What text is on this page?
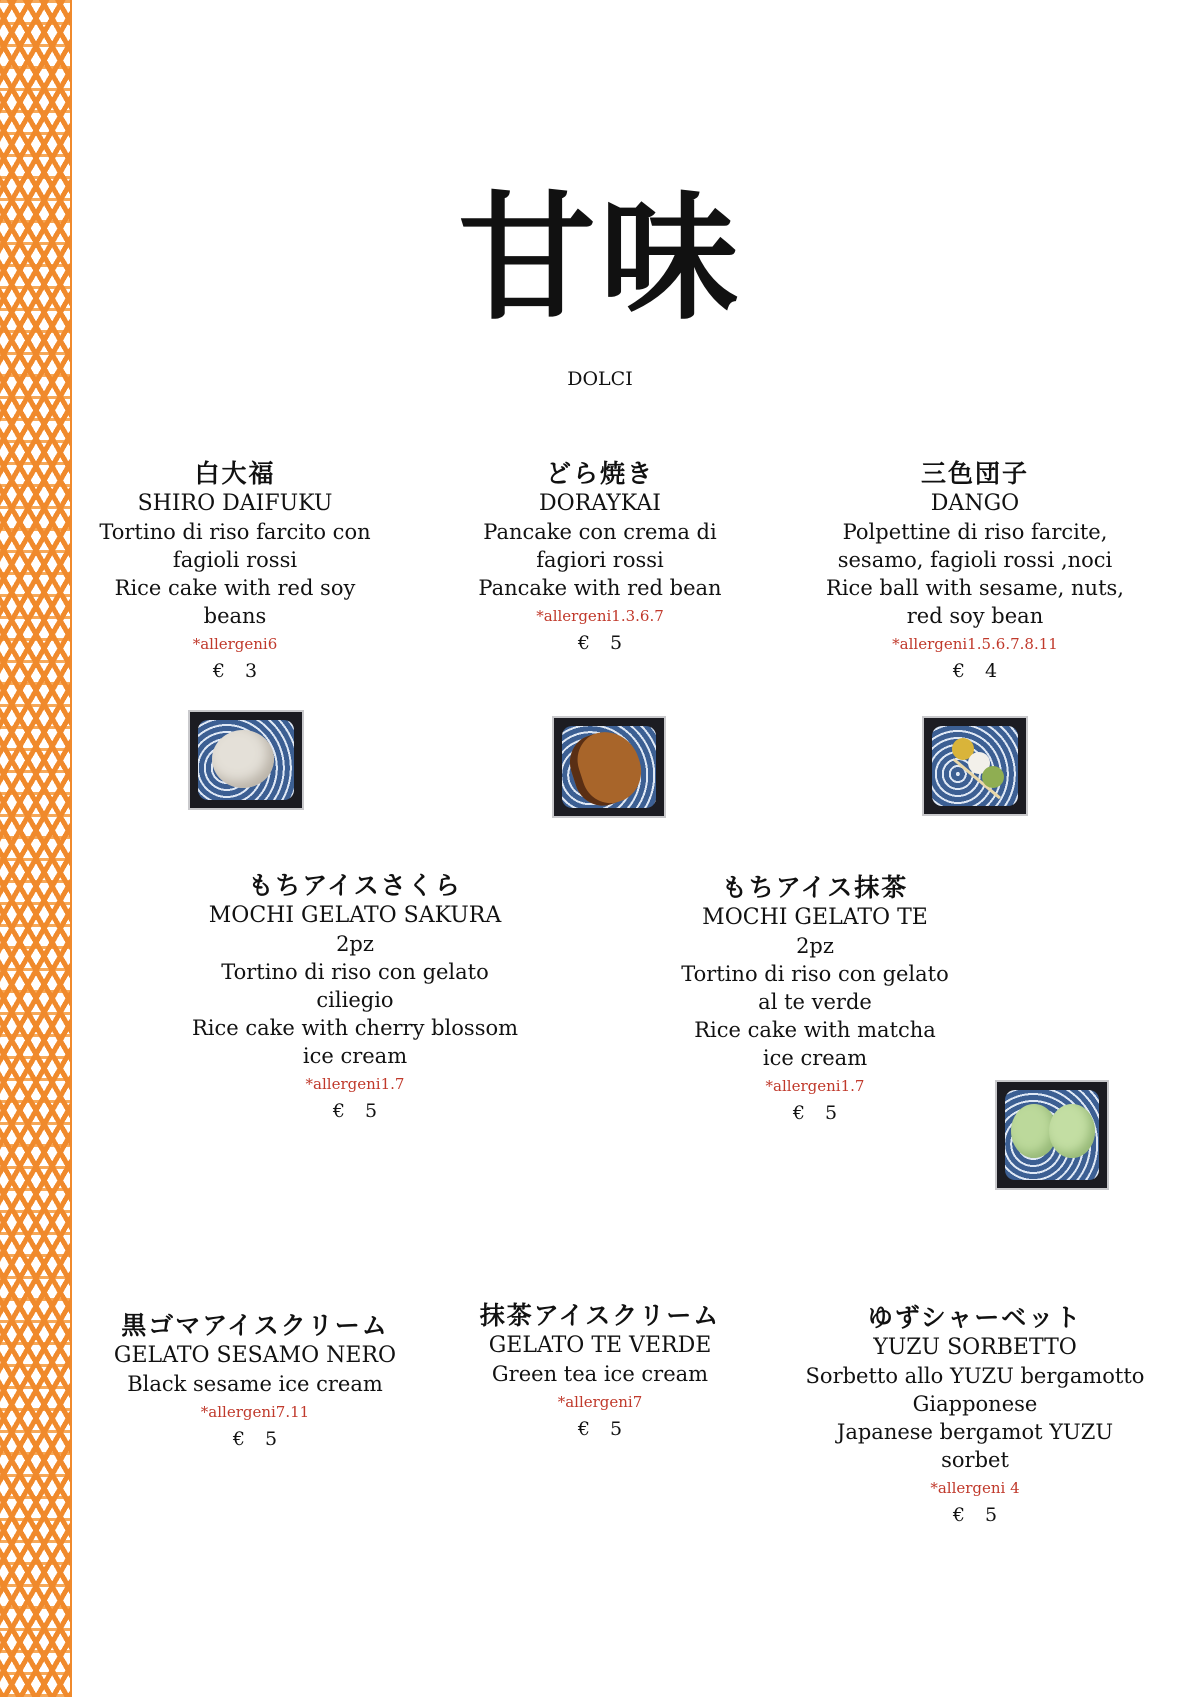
甘味
DOLCI
白大福
SHIRO DAIFUKU
Tortino di riso farcito con
fagioli rossi
Rice cake with red soy
beans
*allergeni6
€ 3
どら焼き
DORAYKAI
Pancake con crema di
fagiori rossi
Pancake with red bean
*allergeni1.3.6.7
€ 5
三色団子
DANGO
Polpettine di riso farcite,
sesamo, fagioli rossi ,noci
Rice ball with sesame, nuts,
red soy bean
*allergeni1.5.6.7.8.11
€ 4
もちアイスさくら
MOCHI GELATO SAKURA
2pz
Tortino di riso con gelato
ciliegio
Rice cake with cherry blossom
ice cream
*allergeni1.7
€ 5
もちアイス抹茶
MOCHI GELATO TE
2pz
Tortino di riso con gelato
al te verde
Rice cake with matcha
ice cream
*allergeni1.7
€ 5
黒ゴマアイスクリーム
GELATO SESAMO NERO
Black sesame ice cream
*allergeni7.11
€ 5
抹茶アイスクリーム
GELATO TE VERDE
Green tea ice cream
*allergeni7
€ 5
ゆずシャーベット
YUZU SORBETTO
Sorbetto allo YUZU bergamotto
Giapponese
Japanese bergamot YUZU
sorbet
*allergeni 4
€ 5
